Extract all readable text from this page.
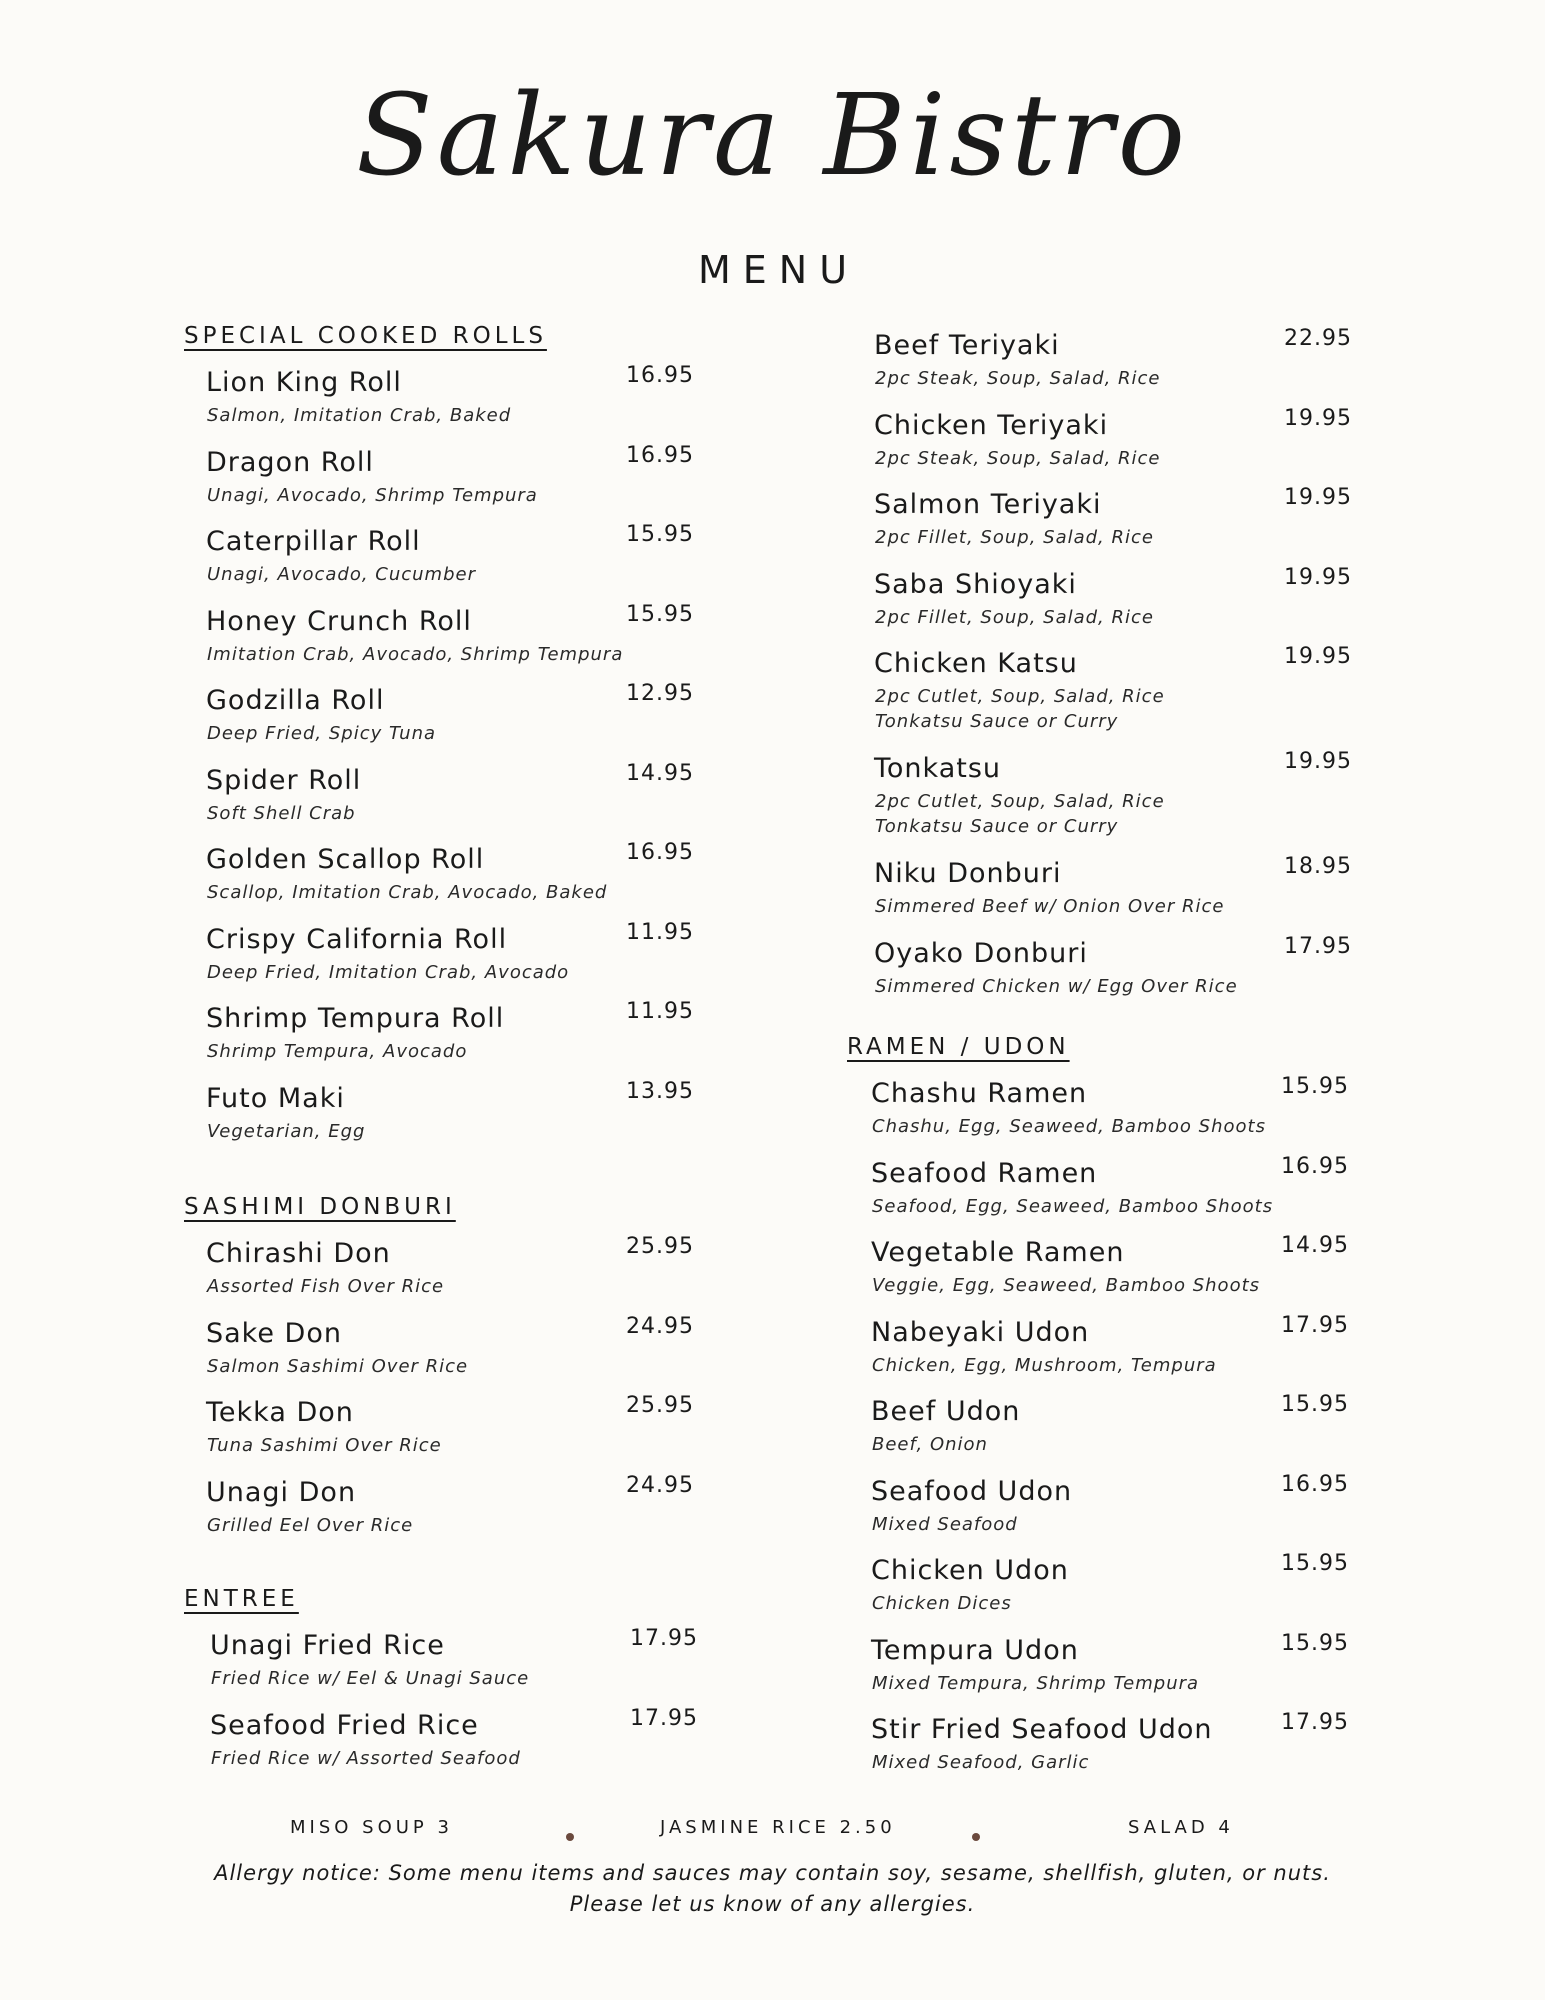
Sakura Bistro
MENU
SPECIAL COOKED ROLLS
Lion King Roll	16.95
Salmon, Imitation Crab, Baked
Dragon Roll	16.95
Unagi, Avocado, Shrimp Tempura
Caterpillar Roll	15.95
Unagi, Avocado, Cucumber
Honey Crunch Roll	15.95
Imitation Crab, Avocado, Shrimp Tempura
Godzilla Roll	12.95
Deep Fried, Spicy Tuna
Spider Roll	14.95
Soft Shell Crab
Golden Scallop Roll	16.95
Scallop, Imitation Crab, Avocado, Baked
Crispy California Roll	11.95
Deep Fried, Imitation Crab, Avocado
Shrimp Tempura Roll	11.95
Shrimp Tempura, Avocado
Futo Maki	13.95
Vegetarian, Egg
SASHIMI DONBURI
Chirashi Don	25.95
Assorted Fish Over Rice
Sake Don	24.95
Salmon Sashimi Over Rice
Tekka Don	25.95
Tuna Sashimi Over Rice
Unagi Don	24.95
Grilled Eel Over Rice
ENTREE
Unagi Fried Rice	17.95
Fried Rice w/ Eel & Unagi Sauce
Seafood Fried Rice	17.95
Fried Rice w/ Assorted Seafood
Beef Teriyaki	22.95
2pc Steak, Soup, Salad, Rice
Chicken Teriyaki	19.95
2pc Steak, Soup, Salad, Rice
Salmon Teriyaki	19.95
2pc Fillet, Soup, Salad, Rice
Saba Shioyaki	19.95
2pc Fillet, Soup, Salad, Rice
Chicken Katsu	19.95
2pc Cutlet, Soup, Salad, Rice
Tonkatsu Sauce or Curry
Tonkatsu	19.95
2pc Cutlet, Soup, Salad, Rice
Tonkatsu Sauce or Curry
Niku Donburi	18.95
Simmered Beef w/ Onion Over Rice
Oyako Donburi	17.95
Simmered Chicken w/ Egg Over Rice
RAMEN / UDON
Chashu Ramen	15.95
Chashu, Egg, Seaweed, Bamboo Shoots
Seafood Ramen	16.95
Seafood, Egg, Seaweed, Bamboo Shoots
Vegetable Ramen	14.95
Veggie, Egg, Seaweed, Bamboo Shoots
Nabeyaki Udon	17.95
Chicken, Egg, Mushroom, Tempura
Beef Udon	15.95
Beef, Onion
Seafood Udon	16.95
Mixed Seafood
Chicken Udon	15.95
Chicken Dices
Tempura Udon	15.95
Mixed Tempura, Shrimp Tempura
Stir Fried Seafood Udon	17.95
Mixed Seafood, Garlic
MISO SOUP 3	JASMINE RICE 2.50	SALAD 4
Allergy notice: Some menu items and sauces may contain soy, sesame, shellfish, gluten, or nuts. Please let us know of any allergies.
